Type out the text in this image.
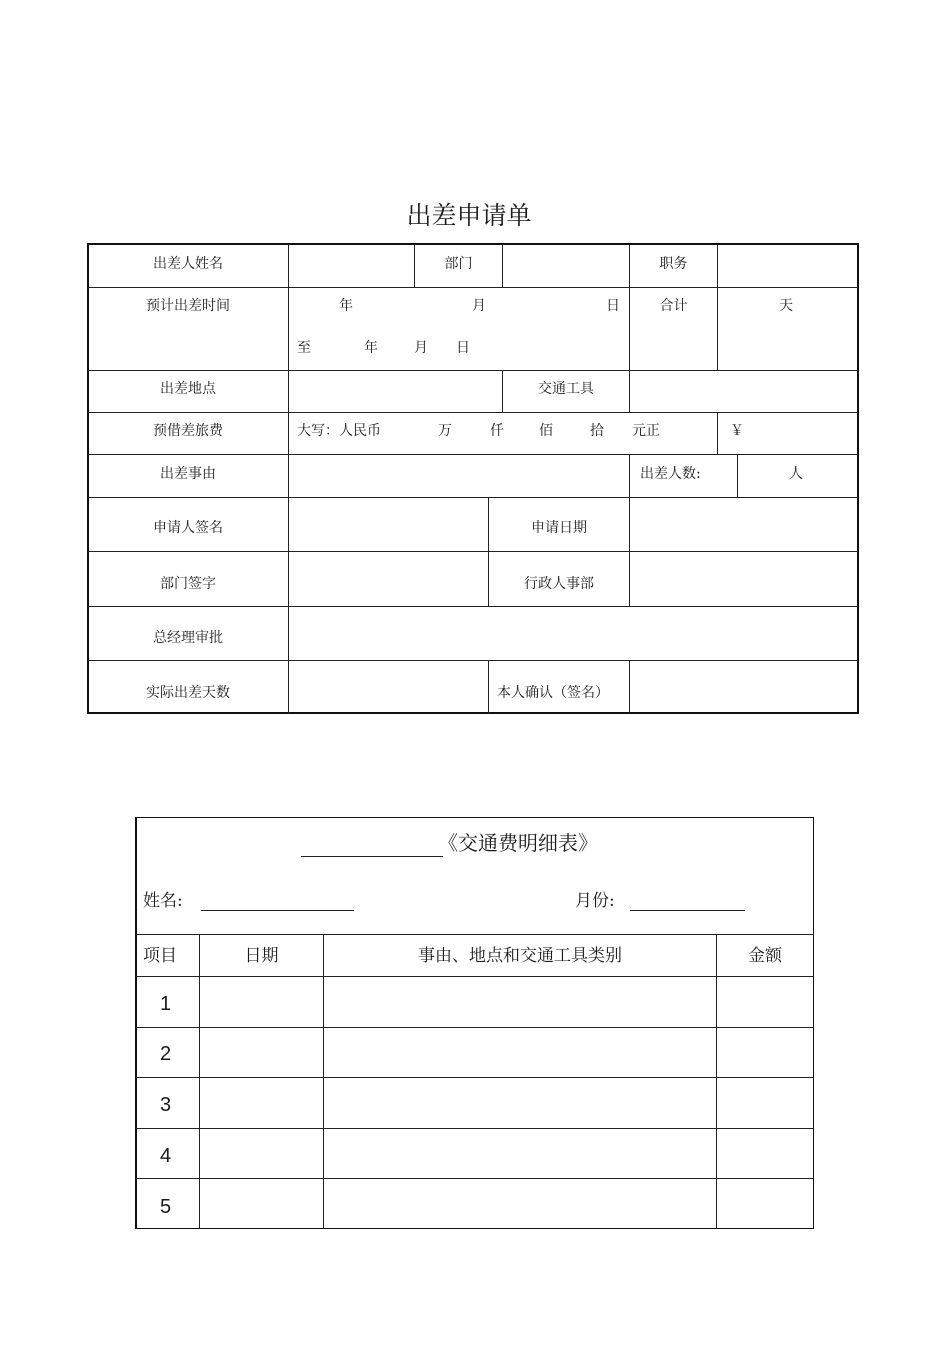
出差申请单
出差人姓名	部门	职务
预计出差时间	年	月	日	合计	天
至	年	月 日
出差地点	交通工具
预借差旅费	大写：人民币	万	仟	佰	拾 元正	￥
出差事由	出差人数:	人
申请人签名	申请日期
部门签字	行政人事部
总经理审批
实际出差天数	本人确认（签名）
《交通费明细表》
姓名:	月份:
项目	日期	事由、地点和交通工具类别	金额
1
2
3
4
5
